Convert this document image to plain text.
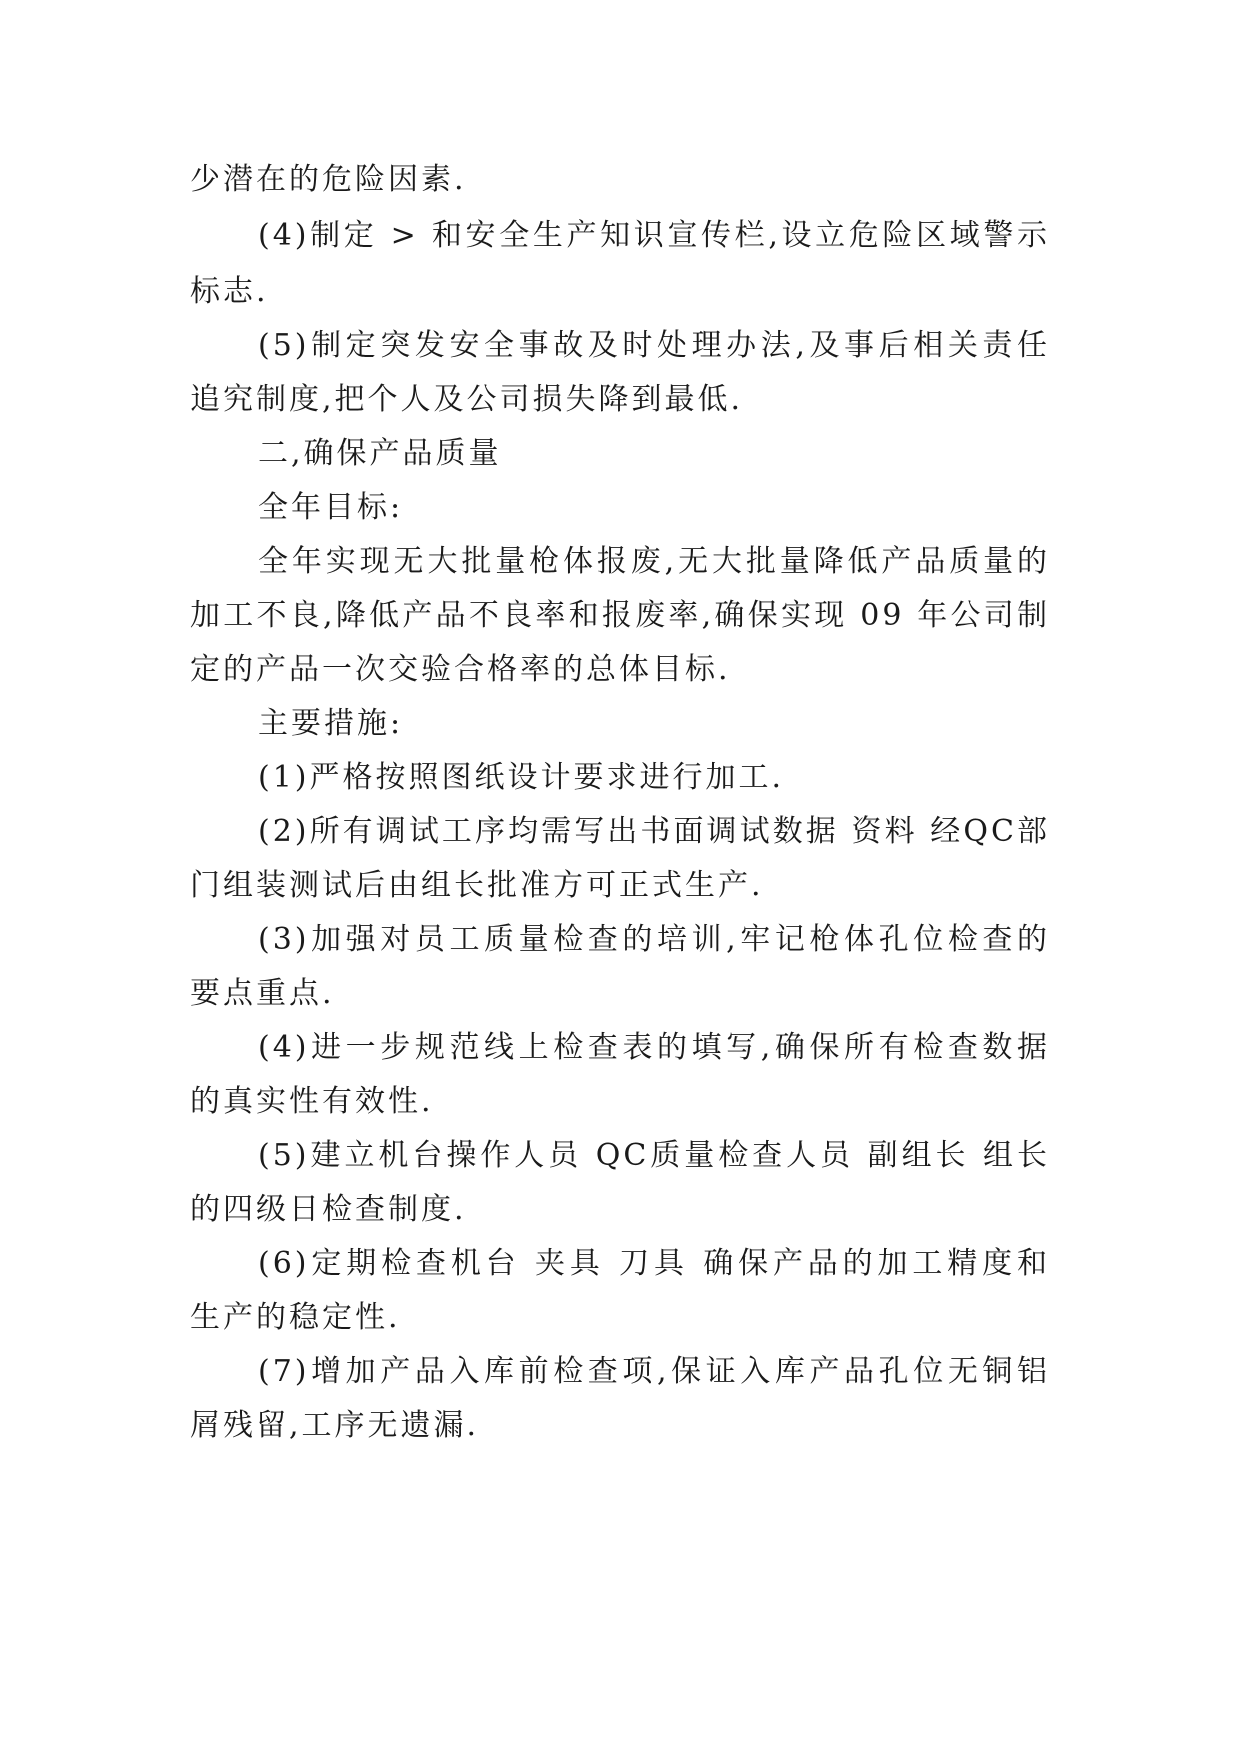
少潜在的危险因素.
(4)制定 > 和安全生产知识宣传栏,设立危险区域警示
标志.
(5)制定突发安全事故及时处理办法,及事后相关责任
追究制度,把个人及公司损失降到最低.
二,确保产品质量
全年目标:
全年实现无大批量枪体报废,无大批量降低产品质量的
加工不良,降低产品不良率和报废率,确保实现 09 年公司制
定的产品一次交验合格率的总体目标.
主要措施:
(1)严格按照图纸设计要求进行加工.
(2)所有调试工序均需写出书面调试数据 资料 经QC部
门组装测试后由组长批准方可正式生产.
(3)加强对员工质量检查的培训,牢记枪体孔位检查的
要点重点.
(4)进一步规范线上检查表的填写,确保所有检查数据
的真实性有效性.
(5)建立机台操作人员 QC质量检查人员 副组长 组长
的四级日检查制度.
(6)定期检查机台 夹具 刀具 确保产品的加工精度和
生产的稳定性.
(7)增加产品入库前检查项,保证入库产品孔位无铜铝
屑残留,工序无遗漏.
